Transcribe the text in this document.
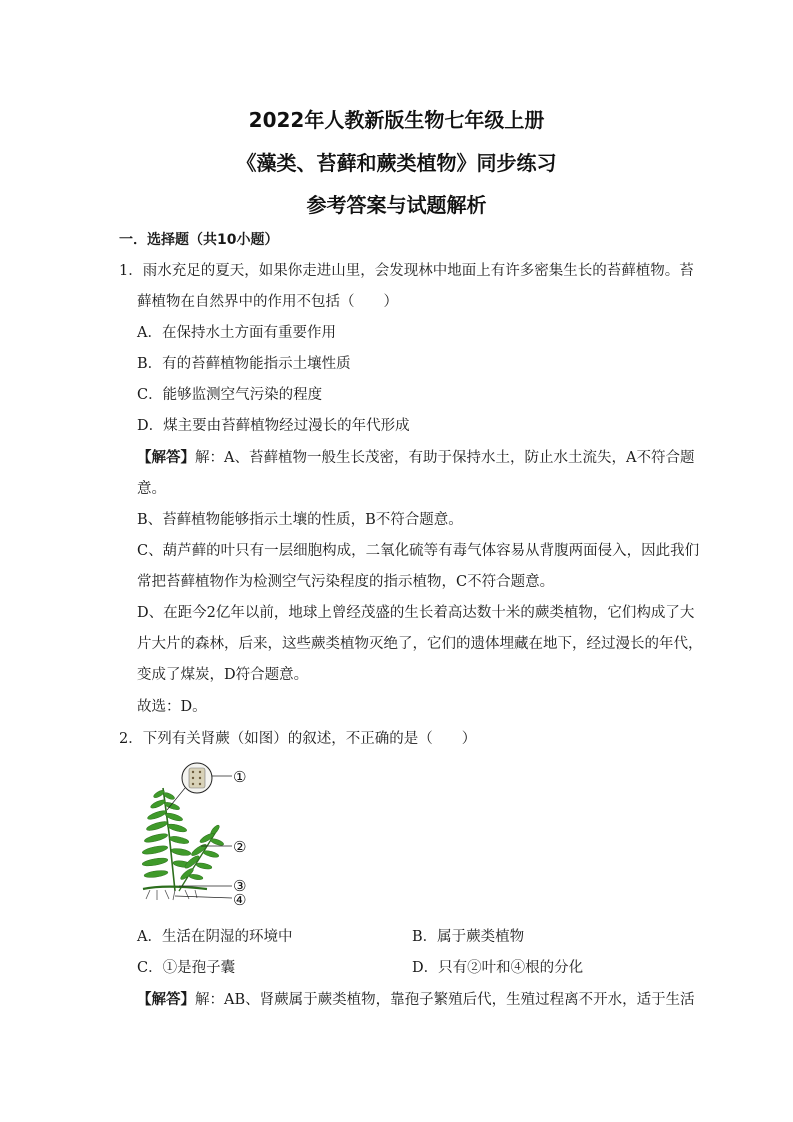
2022年人教新版生物七年级上册
《藻类、苔藓和蕨类植物》同步练习
参考答案与试题解析
一．选择题（共10小题）
1．雨水充足的夏天，如果你走进山里，会发现林中地面上有许多密集生长的苔藓植物。苔
藓植物在自然界中的作用不包括（　　）
A．在保持水土方面有重要作用
B．有的苔藓植物能指示土壤性质
C．能够监测空气污染的程度
D．煤主要由苔藓植物经过漫长的年代形成
【解答】解：A、苔藓植物一般生长茂密，有助于保持水土，防止水土流失，A不符合题
意。
B、苔藓植物能够指示土壤的性质，B不符合题意。
C、葫芦藓的叶只有一层细胞构成，二氧化硫等有毒气体容易从背腹两面侵入，因此我们
常把苔藓植物作为检测空气污染程度的指示植物，C不符合题意。
D、在距今2亿年以前，地球上曾经茂盛的生长着高达数十米的蕨类植物，它们构成了大
片大片的森林，后来，这些蕨类植物灭绝了，它们的遗体埋藏在地下，经过漫长的年代，
变成了煤炭，D符合题意。
故选：D。
2．下列有关肾蕨（如图）的叙述，不正确的是（　　）
①
②
③
④
A．生活在阴湿的环境中	B．属于蕨类植物
C．①是孢子囊	D．只有②叶和④根的分化
【解答】解：AB、肾蕨属于蕨类植物，靠孢子繁殖后代，生殖过程离不开水，适于生活
